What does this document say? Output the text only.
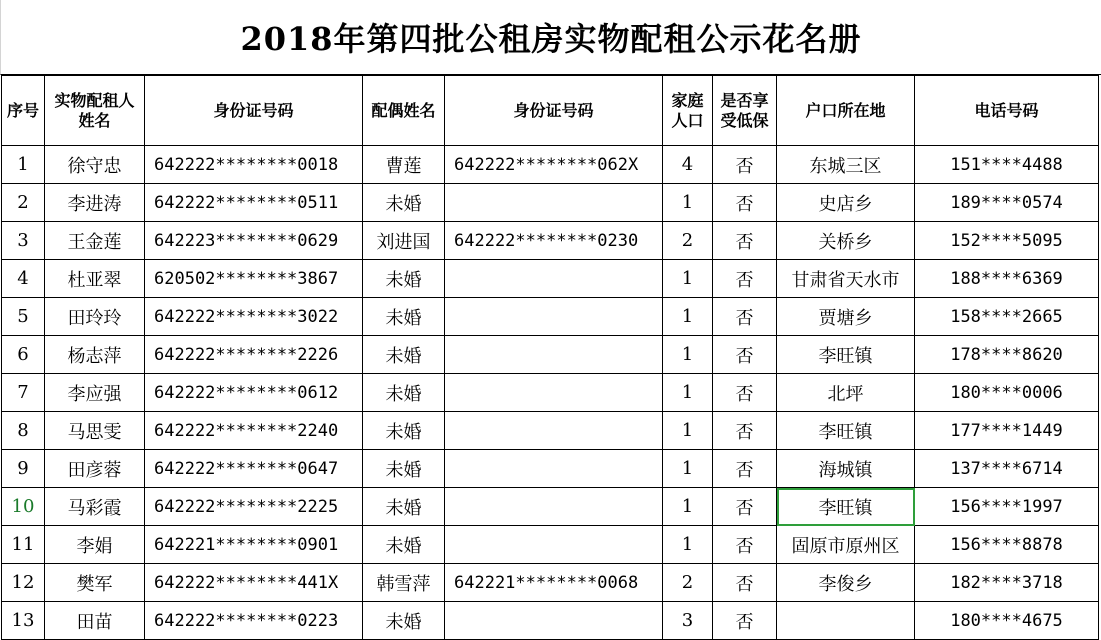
2018年第四批公租房实物配租公示花名册
序号	实物配租人姓名	身份证号码	配偶姓名	身份证号码	家庭人口	是否享受低保	户口所在地	电话号码
1	徐守忠	642222********0018	曹莲	642222********062X	4	否	东城三区	151****4488
2	李进涛	642222********0511	未婚		1	否	史店乡	189****0574
3	王金莲	642223********0629	刘进国	642222********0230	2	否	关桥乡	152****5095
4	杜亚翠	620502********3867	未婚		1	否	甘肃省天水市	188****6369
5	田玲玲	642222********3022	未婚		1	否	贾塘乡	158****2665
6	杨志萍	642222********2226	未婚		1	否	李旺镇	178****8620
7	李应强	642222********0612	未婚		1	否	北坪	180****0006
8	马思雯	642222********2240	未婚		1	否	李旺镇	177****1449
9	田彦蓉	642222********0647	未婚		1	否	海城镇	137****6714
10	马彩霞	642222********2225	未婚		1	否	李旺镇	156****1997
11	李娟	642221********0901	未婚		1	否	固原市原州区	156****8878
12	樊军	642222********441X	韩雪萍	642221********0068	2	否	李俊乡	182****3718
13	田苗	642222********0223	未婚		3	否		180****4675
